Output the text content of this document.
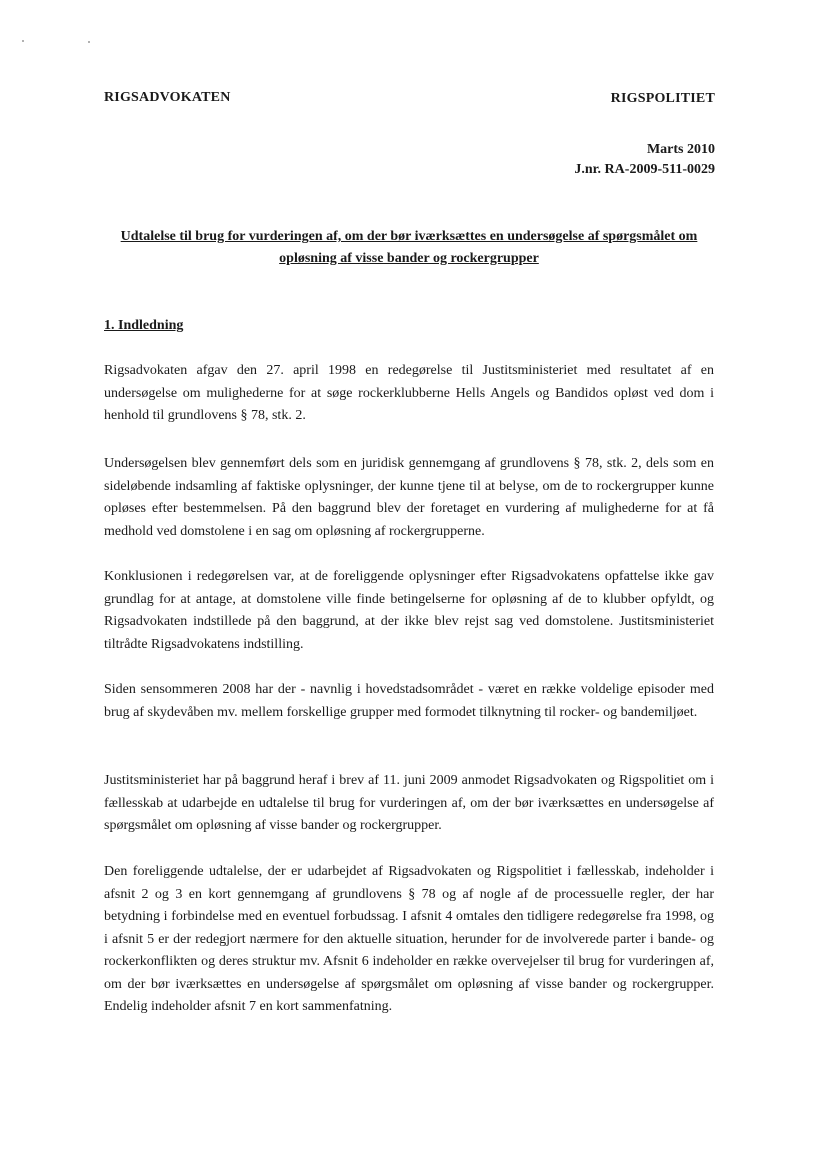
RIGSADVOKATEN	RIGSPOLITIET
Marts 2010
J.nr. RA-2009-511-0029
Udtalelse til brug for vurderingen af, om der bør iværksættes en undersøgelse af spørgsmålet om opløsning af visse bander og rockergrupper
1. Indledning

Rigsadvokaten afgav den 27. april 1998 en redegørelse til Justitsministeriet med resultatet af en undersøgelse om mulighederne for at søge rockerklubberne Hells Angels og Bandidos opløst ved dom i henhold til grundlovens § 78, stk. 2.

Undersøgelsen blev gennemført dels som en juridisk gennemgang af grundlovens § 78, stk. 2, dels som en sideløbende indsamling af faktiske oplysninger, der kunne tjene til at belyse, om de to rockergrupper kunne opløses efter bestemmelsen. På den baggrund blev der foretaget en vurdering af mulighederne for at få medhold ved domstolene i en sag om opløsning af rockergrupperne.

Konklusionen i redegørelsen var, at de foreliggende oplysninger efter Rigsadvokatens opfattelse ikke gav grundlag for at antage, at domstolene ville finde betingelserne for opløsning af de to klubber opfyldt, og Rigsadvokaten indstillede på den baggrund, at der ikke blev rejst sag ved domstolene. Justitsministeriet tiltrådte Rigsadvokatens indstilling.

Siden sensommeren 2008 har der - navnlig i hovedstadsområdet - været en række voldelige episoder med brug af skydevåben mv. mellem forskellige grupper med formodet tilknytning til rocker- og bandemiljøet.

Justitsministeriet har på baggrund heraf i brev af 11. juni 2009 anmodet Rigsadvokaten og Rigspolitiet om i fællesskab at udarbejde en udtalelse til brug for vurderingen af, om der bør iværksættes en undersøgelse af spørgsmålet om opløsning af visse bander og rockergrupper.

Den foreliggende udtalelse, der er udarbejdet af Rigsadvokaten og Rigspolitiet i fællesskab, indeholder i afsnit 2 og 3 en kort gennemgang af grundlovens § 78 og af nogle af de processuelle regler, der har betydning i forbindelse med en eventuel forbudssag. I afsnit 4 omtales den tidligere redegørelse fra 1998, og i afsnit 5 er der redegjort nærmere for den aktuelle situation, herunder for de involverede parter i bande- og rockerkonflikten og deres struktur mv. Afsnit 6 indeholder en række overvejelser til brug for vurderingen af, om der bør iværksættes en undersøgelse af spørgsmålet om opløsning af visse bander og rockergrupper. Endelig indeholder afsnit 7 en kort sammenfatning.
